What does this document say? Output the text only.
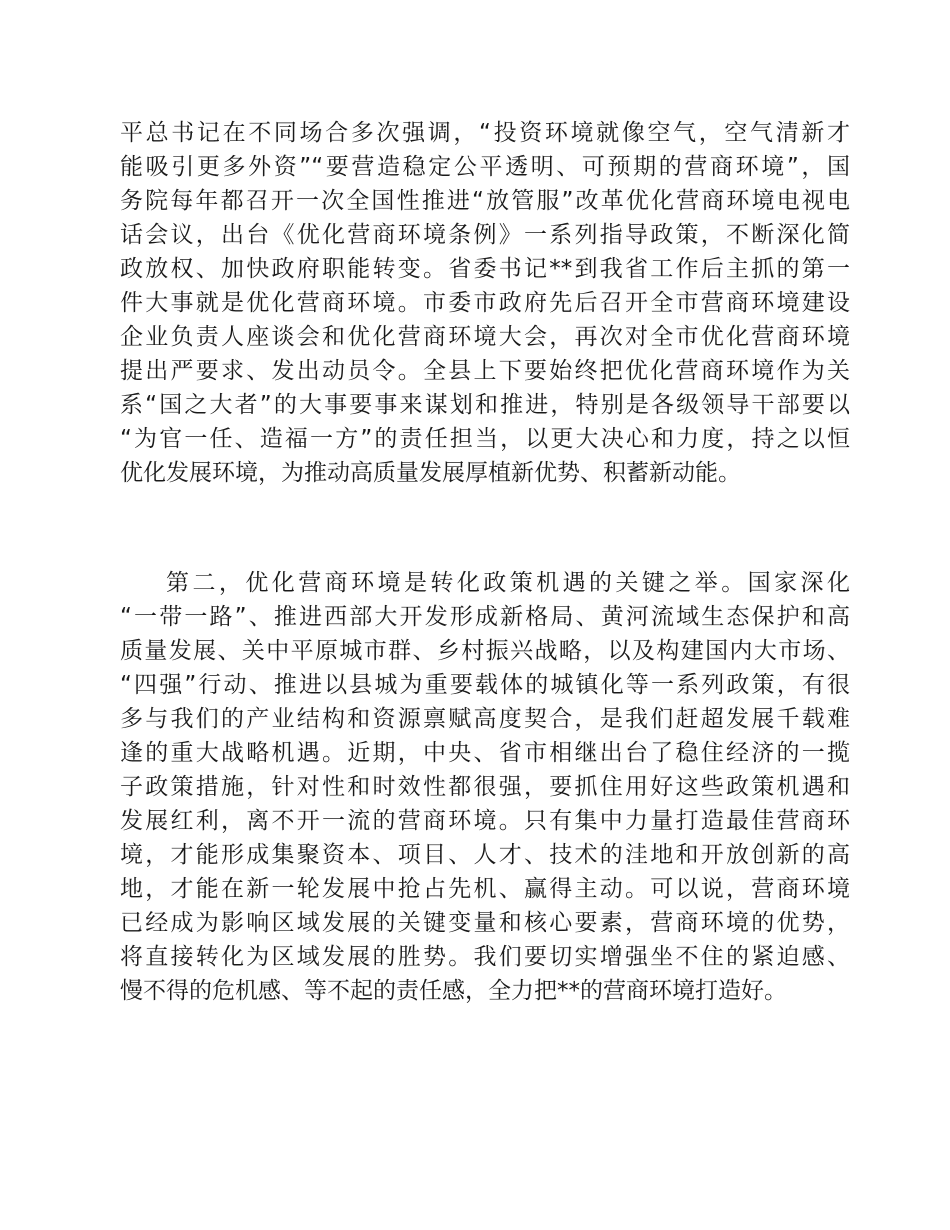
平总书记在不同场合多次强调，“投资环境就像空气，空气清新才
能吸引更多外资”“要营造稳定公平透明、可预期的营商环境”，国
务院每年都召开一次全国性推进“放管服”改革优化营商环境电视电
话会议，出台《优化营商环境条例》一系列指导政策，不断深化简
政放权、加快政府职能转变。省委书记**到我省工作后主抓的第一
件大事就是优化营商环境。市委市政府先后召开全市营商环境建设
企业负责人座谈会和优化营商环境大会，再次对全市优化营商环境
提出严要求、发出动员令。全县上下要始终把优化营商环境作为关
系“国之大者”的大事要事来谋划和推进，特别是各级领导干部要以
“为官一任、造福一方”的责任担当，以更大决心和力度，持之以恒
优化发展环境，为推动高质量发展厚植新优势、积蓄新动能。
第二，优化营商环境是转化政策机遇的关键之举。国家深化
“一带一路”、推进西部大开发形成新格局、黄河流域生态保护和高
质量发展、关中平原城市群、乡村振兴战略，以及构建国内大市场、
“四强”行动、推进以县城为重要载体的城镇化等一系列政策，有很
多与我们的产业结构和资源禀赋高度契合，是我们赶超发展千载难
逢的重大战略机遇。近期，中央、省市相继出台了稳住经济的一揽
子政策措施，针对性和时效性都很强，要抓住用好这些政策机遇和
发展红利，离不开一流的营商环境。只有集中力量打造最佳营商环
境，才能形成集聚资本、项目、人才、技术的洼地和开放创新的高
地，才能在新一轮发展中抢占先机、赢得主动。可以说，营商环境
已经成为影响区域发展的关键变量和核心要素，营商环境的优势，
将直接转化为区域发展的胜势。我们要切实增强坐不住的紧迫感、
慢不得的危机感、等不起的责任感，全力把**的营商环境打造好。
